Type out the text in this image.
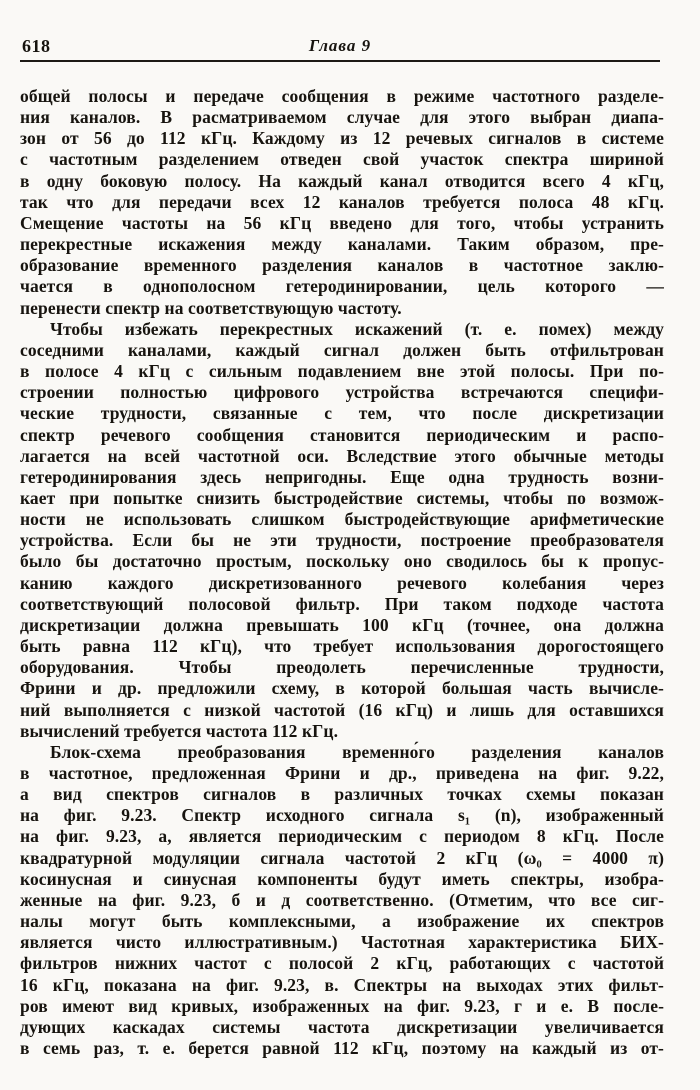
618	Глава 9
общей полосы и передаче сообщения в режиме частотного разделе-
ния каналов. В расматриваемом случае для этого выбран диапа-
зон от 56 до 112 кГц. Каждому из 12 речевых сигналов в системе
с частотным разделением отведен свой участок спектра шириной
в одну боковую полосу. На каждый канал отводится всего 4 кГц,
так что для передачи всех 12 каналов требуется полоса 48 кГц.
Смещение частоты на 56 кГц введено для того, чтобы устранить
перекрестные искажения между каналами. Таким образом, пре-
образование временного разделения каналов в частотное заклю-
чается в однополосном гетеродинировании, цель которого —
перенести спектр на соответствующую частоту.
Чтобы избежать перекрестных искажений (т. е. помех) между
соседними каналами, каждый сигнал должен быть отфильтрован
в полосе 4 кГц с сильным подавлением вне этой полосы. При по-
строении полностью цифрового устройства встречаются специфи-
ческие трудности, связанные с тем, что после дискретизации
спектр речевого сообщения становится периодическим и распо-
лагается на всей частотной оси. Вследствие этого обычные методы
гетеродинирования здесь непригодны. Еще одна трудность возни-
кает при попытке снизить быстродействие системы, чтобы по возмож-
ности не использовать слишком быстродействующие арифметические
устройства. Если бы не эти трудности, построение преобразователя
было бы достаточно простым, поскольку оно сводилось бы к пропус-
канию каждого дискретизованного речевого колебания через
соответствующий полосовой фильтр. При таком подходе частота
дискретизации должна превышать 100 кГц (точнее, она должна
быть равна 112 кГц), что требует использования дорогостоящего
оборудования. Чтобы преодолеть перечисленные трудности,
Фрини и др. предложили схему, в которой большая часть вычисле-
ний выполняется с низкой частотой (16 кГц) и лишь для оставшихся
вычислений требуется частота 112 кГц.
Блок-схема преобразования временно́го разделения каналов
в частотное, предложенная Фрини и др., приведена на фиг. 9.22,
а вид спектров сигналов в различных точках схемы показан
на фиг. 9.23. Спектр исходного сигнала s₁ (n), изображенный
на фиг. 9.23, а, является периодическим с периодом 8 кГц. После
квадратурной модуляции сигнала частотой 2 кГц (ω₀ = 4000 π)
косинусная и синусная компоненты будут иметь спектры, изобра-
женные на фиг. 9.23, б и д соответственно. (Отметим, что все сиг-
налы могут быть комплексными, а изображение их спектров
является чисто иллюстративным.) Частотная характеристика БИХ-
фильтров нижних частот с полосой 2 кГц, работающих с частотой
16 кГц, показана на фиг. 9.23, в. Спектры на выходах этих фильт-
ров имеют вид кривых, изображенных на фиг. 9.23, г и е. В после-
дующих каскадах системы частота дискретизации увеличивается
в семь раз, т. е. берется равной 112 кГц, поэтому на каждый из от-
